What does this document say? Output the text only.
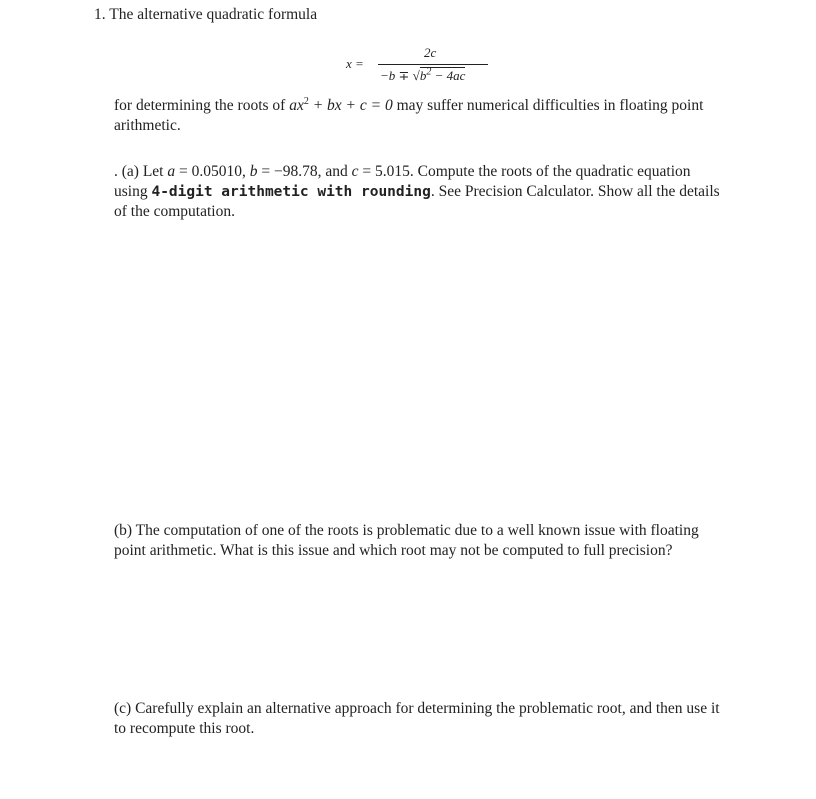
1. The alternative quadratic formula
x =
2c
$-b \mp √b^2 - 4ac$
for determining the roots of $ax^2$ + bx + c = 0 may suffer numerical difficulties in floating point arithmetic.
. (a) Let a = 0.05010, b = −98.78, and c = 5.015. Compute the roots of the quadratic equation using 4-digit arithmetic with rounding. See Precision Calculator. Show all the details of the computation.
(b) The computation of one of the roots is problematic due to a well known issue with floating point arithmetic. What is this issue and which root may not be computed to full precision?
(c) Carefully explain an alternative approach for determining the problematic root, and then use it to recompute this root.
